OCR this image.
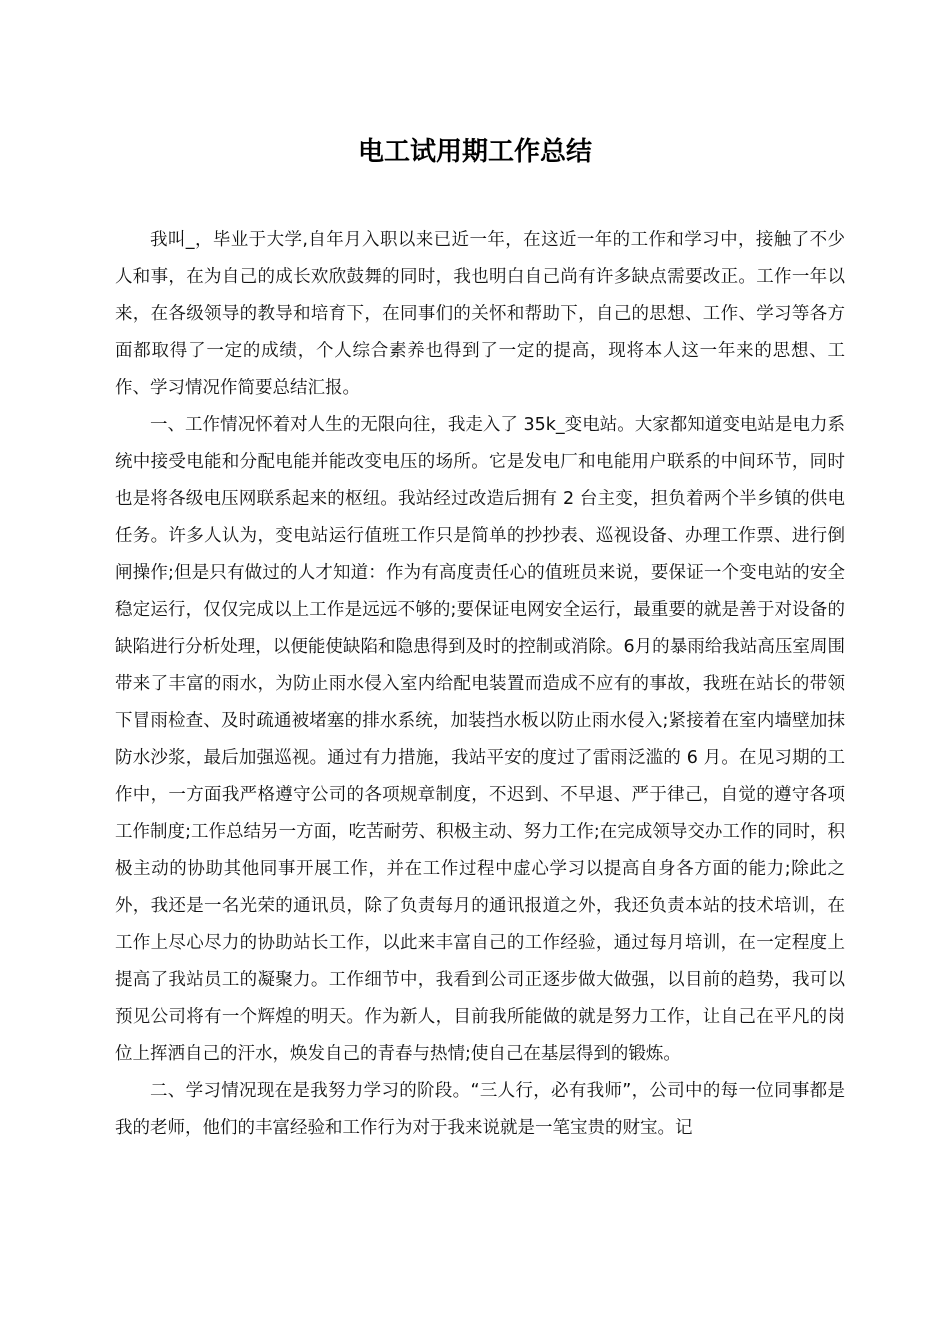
电工试用期工作总结

我叫_，毕业于大学,自年月入职以来已近一年，在这近一年的工作和学习中，接触了不少人和事，在为自己的成长欢欣鼓舞的同时，我也明白自己尚有许多缺点需要改正。工作一年以来，在各级领导的教导和培育下，在同事们的关怀和帮助下，自己的思想、工作、学习等各方面都取得了一定的成绩，个人综合素养也得到了一定的提高，现将本人这一年来的思想、工作、学习情况作简要总结汇报。

一、工作情况怀着对人生的无限向往，我走入了 35k_变电站。大家都知道变电站是电力系统中接受电能和分配电能并能改变电压的场所。它是发电厂和电能用户联系的中间环节，同时也是将各级电压网联系起来的枢纽。我站经过改造后拥有 2 台主变，担负着两个半乡镇的供电任务。许多人认为，变电站运行值班工作只是简单的抄抄表、巡视设备、办理工作票、进行倒闸操作;但是只有做过的人才知道：作为有高度责任心的值班员来说，要保证一个变电站的安全稳定运行，仅仅完成以上工作是远远不够的;要保证电网安全运行，最重要的就是善于对设备的缺陷进行分析处理，以便能使缺陷和隐患得到及时的控制或消除。6月的暴雨给我站高压室周围带来了丰富的雨水，为防止雨水侵入室内给配电装置而造成不应有的事故，我班在站长的带领下冒雨检查、及时疏通被堵塞的排水系统，加装挡水板以防止雨水侵入;紧接着在室内墙壁加抹防水沙浆，最后加强巡视。通过有力措施，我站平安的度过了雷雨泛滥的 6 月。在见习期的工作中，一方面我严格遵守公司的各项规章制度，不迟到、不早退、严于律己，自觉的遵守各项工作制度;工作总结另一方面，吃苦耐劳、积极主动、努力工作;在完成领导交办工作的同时，积极主动的协助其他同事开展工作，并在工作过程中虚心学习以提高自身各方面的能力;除此之外，我还是一名光荣的通讯员，除了负责每月的通讯报道之外，我还负责本站的技术培训，在工作上尽心尽力的协助站长工作，以此来丰富自己的工作经验，通过每月培训，在一定程度上提高了我站员工的凝聚力。工作细节中，我看到公司正逐步做大做强，以目前的趋势，我可以预见公司将有一个辉煌的明天。作为新人，目前我所能做的就是努力工作，让自己在平凡的岗位上挥洒自己的汗水，焕发自己的青春与热情;使自己在基层得到的锻炼。

二、学习情况现在是我努力学习的阶段。“三人行，必有我师”，公司中的每一位同事都是我的老师，他们的丰富经验和工作行为对于我来说就是一笔宝贵的财宝。记
